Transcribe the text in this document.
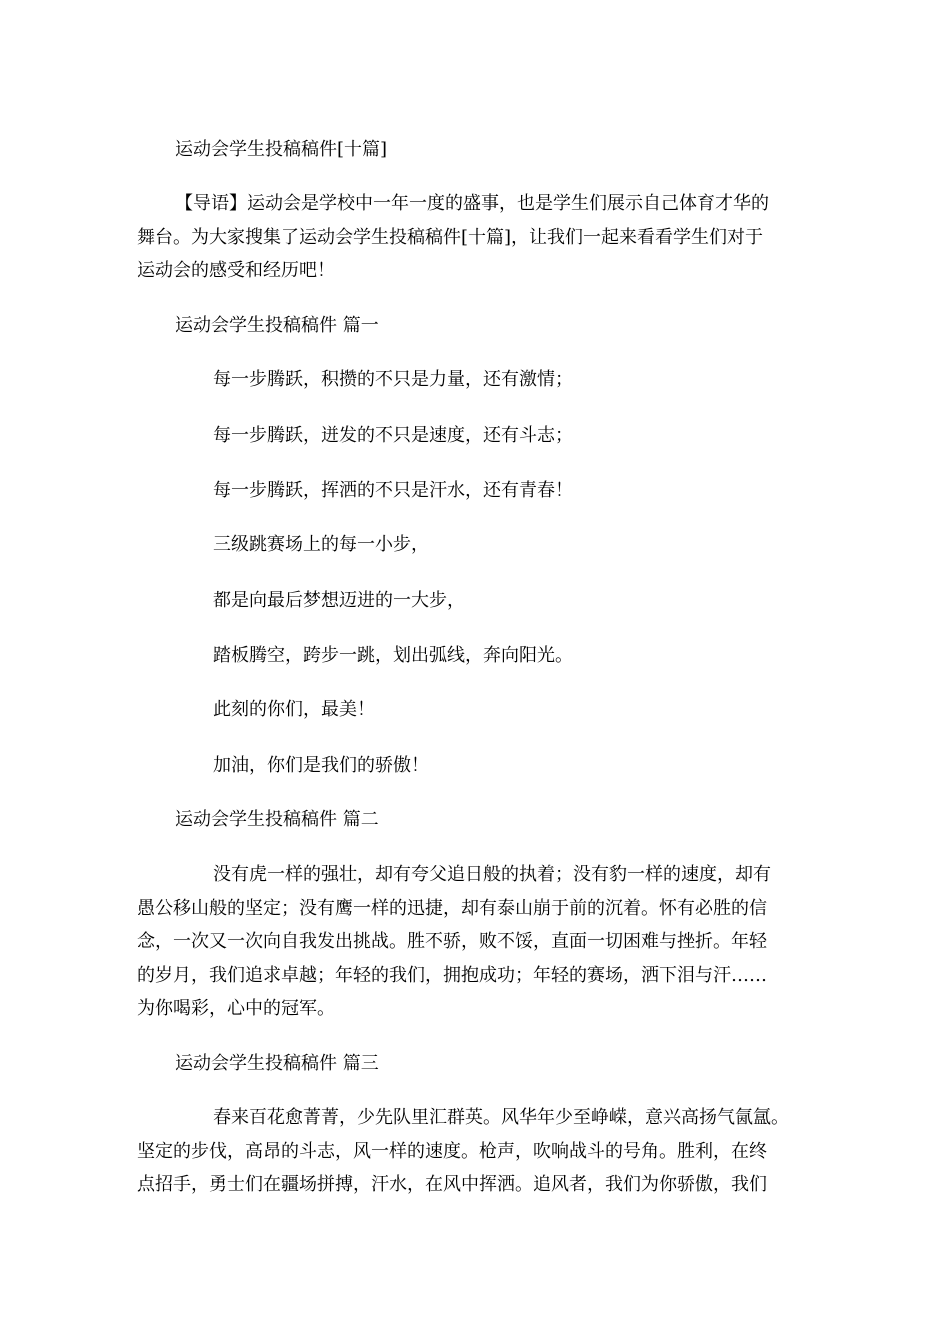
运动会学生投稿稿件[十篇]

【导语】运动会是学校中一年一度的盛事，也是学生们展示自己体育才华的

舞台。为大家搜集了运动会学生投稿稿件[十篇]，让我们一起来看看学生们对于

运动会的感受和经历吧！

运动会学生投稿稿件 篇一

每一步腾跃，积攒的不只是力量，还有激情；

每一步腾跃，迸发的不只是速度，还有斗志；

每一步腾跃，挥洒的不只是汗水，还有青春！

三级跳赛场上的每一小步，

都是向最后梦想迈进的一大步，

踏板腾空，跨步一跳，划出弧线，奔向阳光。

此刻的你们，最美！

加油，你们是我们的骄傲！

运动会学生投稿稿件 篇二

没有虎一样的强壮，却有夸父追日般的执着；没有豹一样的速度，却有

愚公移山般的坚定；没有鹰一样的迅捷，却有泰山崩于前的沉着。怀有必胜的信

念，一次又一次向自我发出挑战。胜不骄，败不馁，直面一切困难与挫折。年轻

的岁月，我们追求卓越；年轻的我们，拥抱成功；年轻的赛场，洒下泪与汗……

为你喝彩，心中的冠军。

运动会学生投稿稿件 篇三

春来百花愈菁菁，少先队里汇群英。风华年少至峥嵘，意兴高扬气氤氲。

坚定的步伐，高昂的斗志，风一样的速度。枪声，吹响战斗的号角。胜利，在终

点招手，勇士们在疆场拼搏，汗水，在风中挥洒。追风者，我们为你骄傲，我们
